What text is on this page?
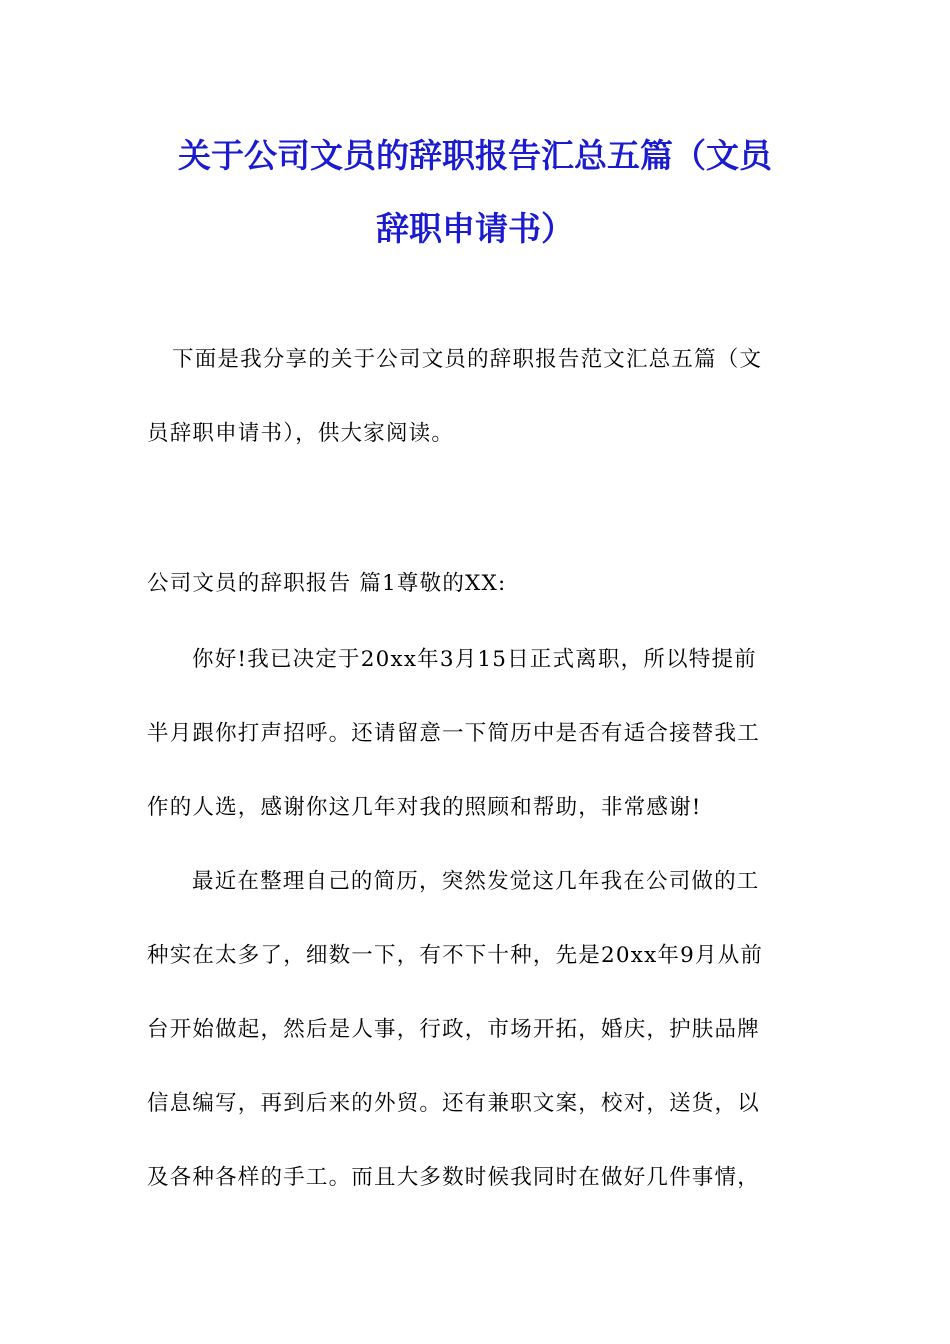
关于公司文员的辞职报告汇总五篇（文员
辞职申请书）

下面是我分享的关于公司文员的辞职报告范文汇总五篇（文

员辞职申请书），供大家阅读。

公司文员的辞职报告 篇1尊敬的XX:

你好!我已决定于20xx年3月15日正式离职，所以特提前

半月跟你打声招呼。还请留意一下简历中是否有适合接替我工

作的人选，感谢你这几年对我的照顾和帮助，非常感谢!

最近在整理自己的简历，突然发觉这几年我在公司做的工

种实在太多了，细数一下，有不下十种，先是20xx年9月从前

台开始做起，然后是人事，行政，市场开拓，婚庆，护肤品牌

信息编写，再到后来的外贸。还有兼职文案，校对，送货，以

及各种各样的手工。而且大多数时候我同时在做好几件事情，
